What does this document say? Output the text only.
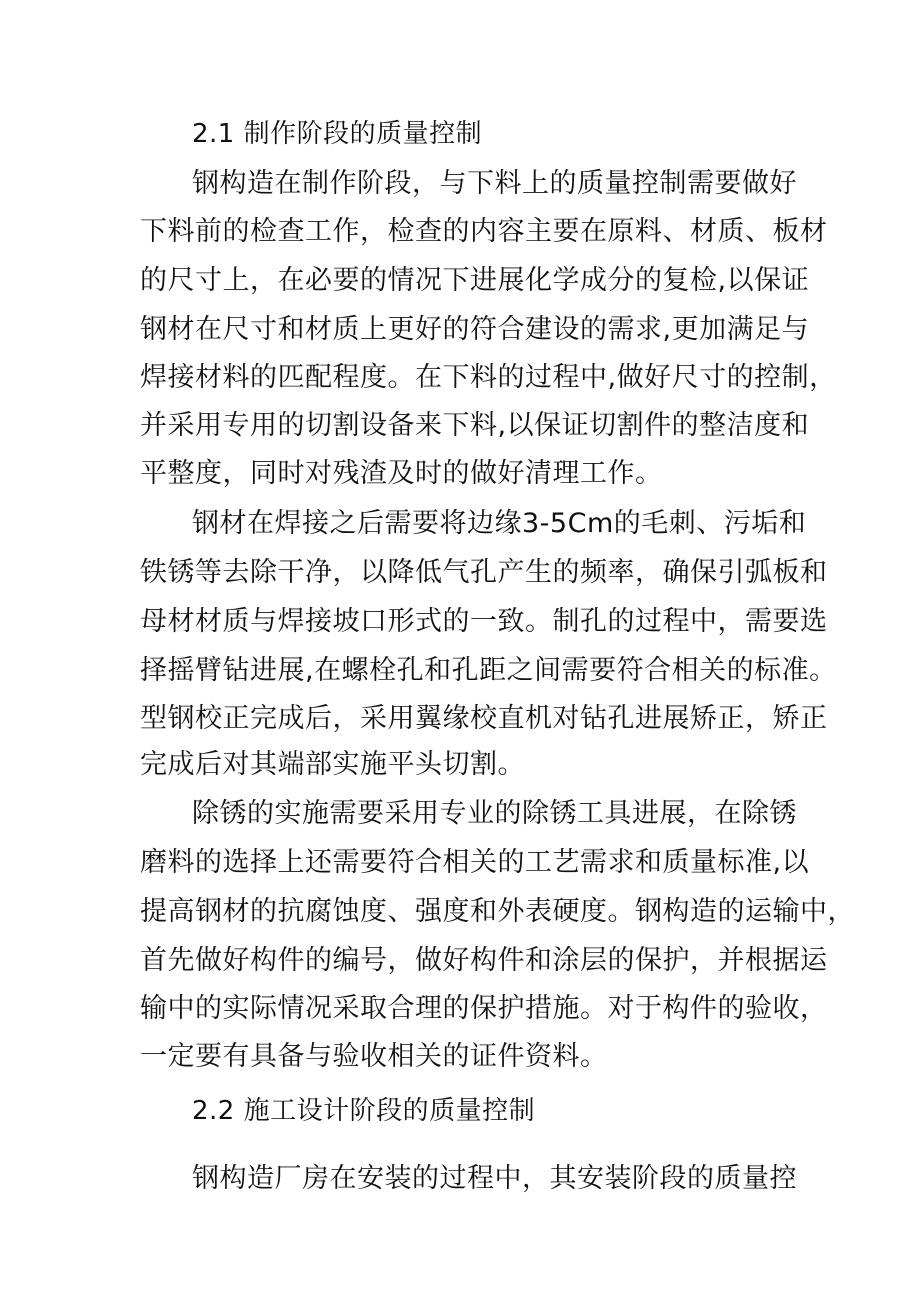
2.1 制作阶段的质量控制
钢构造在制作阶段，与下料上的质量控制需要做好
下料前的检查工作，检查的内容主要在原料、材质、板材
的尺寸上，在必要的情况下进展化学成分的复检,以保证
钢材在尺寸和材质上更好的符合建设的需求,更加满足与
焊接材料的匹配程度。在下料的过程中,做好尺寸的控制，
并采用专用的切割设备来下料,以保证切割件的整洁度和
平整度，同时对残渣及时的做好清理工作。
钢材在焊接之后需要将边缘3-5Cm的毛刺、污垢和
铁锈等去除干净，以降低气孔产生的频率，确保引弧板和
母材材质与焊接坡口形式的一致。制孔的过程中，需要选
择摇臂钻进展,在螺栓孔和孔距之间需要符合相关的标准。
型钢校正完成后，采用翼缘校直机对钻孔进展矫正，矫正
完成后对其端部实施平头切割。
除锈的实施需要采用专业的除锈工具进展，在除锈
磨料的选择上还需要符合相关的工艺需求和质量标准,以
提高钢材的抗腐蚀度、强度和外表硬度。钢构造的运输中，
首先做好构件的编号，做好构件和涂层的保护，并根据运
输中的实际情况采取合理的保护措施。对于构件的验收，
一定要有具备与验收相关的证件资料。
2.2 施工设计阶段的质量控制
钢构造厂房在安装的过程中，其安装阶段的质量控
